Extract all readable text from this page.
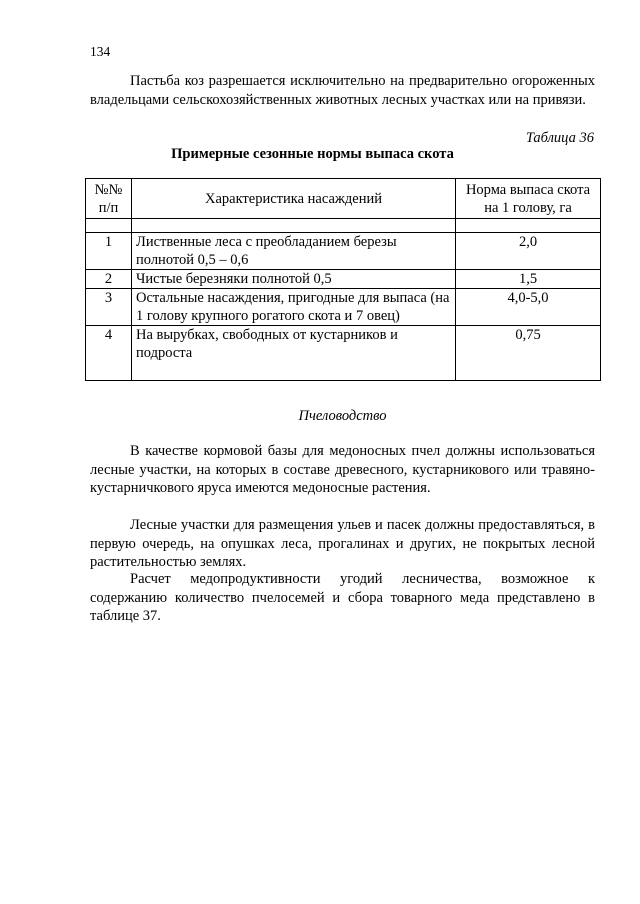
134

Пастьба коз разрешается исключительно на предварительно огороженных владельцами сельскохозяйственных животных лесных участках или на привязи.

Таблица 36
Примерные сезонные нормы выпаса скота
№№ п/п	Характеристика насаждений	Норма выпаса скота на 1 голову, га

1	Лиственные леса с преобладанием березы полнотой 0,5 – 0,6	2,0
2	Чистые березняки полнотой 0,5	1,5
3	Остальные насаждения, пригодные для выпаса (на 1 голову крупного рогатого скота и 7 овец)	4,0-5,0
4	На вырубках, свободных от кустарников и подроста	0,75
Пчеловодство

В качестве кормовой базы для медоносных пчел должны использоваться лесные участки, на которых в составе древесного, кустарникового или травяно-кустарничкового яруса имеются медоносные растения.

Лесные участки для размещения ульев и пасек должны предоставляться, в первую очередь, на опушках леса, прогалинах и других, не покрытых лесной растительностью землях.

Расчет медопродуктивности угодий лесничества, возможное к содержанию количество пчелосемей и сбора товарного меда представлено в таблице 37.
